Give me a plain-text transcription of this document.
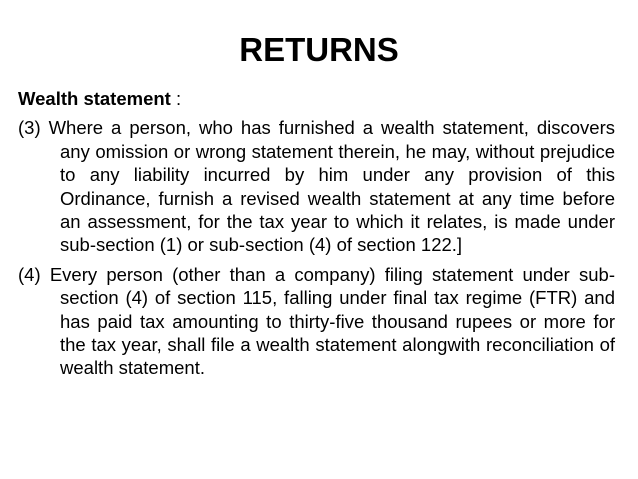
RETURNS

Wealth statement :

(3) Where a person, who has furnished a wealth statement, discovers any omission or wrong statement therein, he may, without prejudice to any liability incurred by him under any provision of this Ordinance, furnish a revised wealth statement at any time before an assessment, for the tax year to which it relates, is made under sub-section (1) or sub-section (4) of section 122.]

(4) Every person (other than a company) filing statement under sub-section (4) of section 115, falling under final tax regime (FTR) and has paid tax amounting to thirty-five thousand rupees or more for the tax year, shall file a wealth statement alongwith reconciliation of wealth statement.
